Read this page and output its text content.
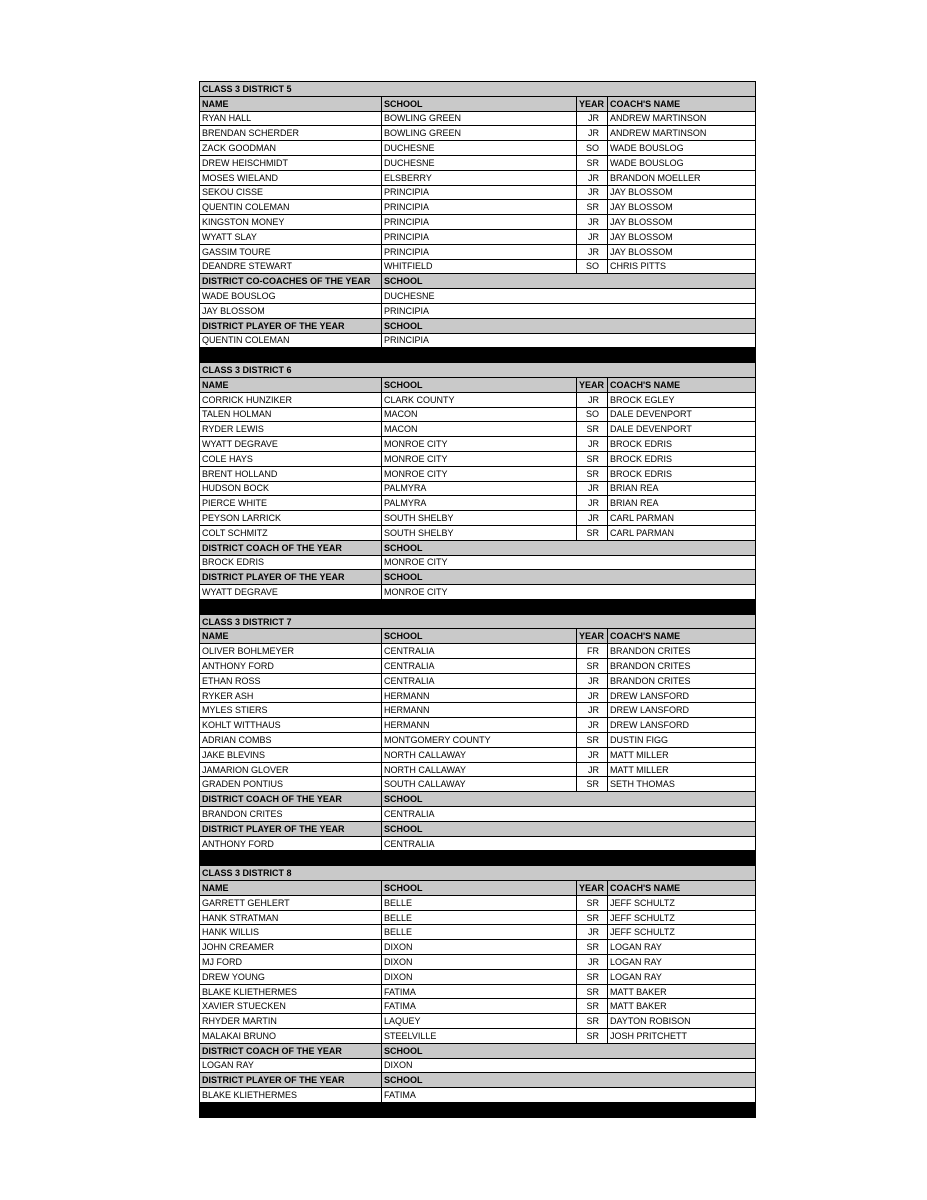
CLASS 3 DISTRICT 5			
NAME	SCHOOL	YEAR	COACH'S NAME
RYAN HALL	BOWLING GREEN	JR	ANDREW MARTINSON
BRENDAN SCHERDER	BOWLING GREEN	JR	ANDREW MARTINSON
ZACK GOODMAN	DUCHESNE	SO	WADE BOUSLOG
DREW HEISCHMIDT	DUCHESNE	SR	WADE BOUSLOG
MOSES WIELAND	ELSBERRY	JR	BRANDON MOELLER
SEKOU CISSE	PRINCIPIA	JR	JAY BLOSSOM
QUENTIN COLEMAN	PRINCIPIA	SR	JAY BLOSSOM
KINGSTON MONEY	PRINCIPIA	JR	JAY BLOSSOM
WYATT SLAY	PRINCIPIA	JR	JAY BLOSSOM
GASSIM TOURE	PRINCIPIA	JR	JAY BLOSSOM
DEANDRE STEWART	WHITFIELD	SO	CHRIS PITTS
DISTRICT CO-COACHES OF THE YEAR	SCHOOL		
WADE BOUSLOG	DUCHESNE		
JAY BLOSSOM	PRINCIPIA		
DISTRICT PLAYER OF THE YEAR	SCHOOL		
QUENTIN COLEMAN	PRINCIPIA		

CLASS 3 DISTRICT 6			
NAME	SCHOOL	YEAR	COACH'S NAME
CORRICK HUNZIKER	CLARK COUNTY	JR	BROCK EGLEY
TALEN HOLMAN	MACON	SO	DALE DEVENPORT
RYDER LEWIS	MACON	SR	DALE DEVENPORT
WYATT DEGRAVE	MONROE CITY	JR	BROCK EDRIS
COLE HAYS	MONROE CITY	SR	BROCK EDRIS
BRENT HOLLAND	MONROE CITY	SR	BROCK EDRIS
HUDSON BOCK	PALMYRA	JR	BRIAN REA
PIERCE WHITE	PALMYRA	JR	BRIAN REA
PEYSON LARRICK	SOUTH SHELBY	JR	CARL PARMAN
COLT SCHMITZ	SOUTH SHELBY	SR	CARL PARMAN
DISTRICT COACH OF THE YEAR	SCHOOL		
BROCK EDRIS	MONROE CITY		
DISTRICT PLAYER OF THE YEAR	SCHOOL		
WYATT DEGRAVE	MONROE CITY		

CLASS 3 DISTRICT 7			
NAME	SCHOOL	YEAR	COACH'S NAME
OLIVER BOHLMEYER	CENTRALIA	FR	BRANDON CRITES
ANTHONY FORD	CENTRALIA	SR	BRANDON CRITES
ETHAN ROSS	CENTRALIA	JR	BRANDON CRITES
RYKER ASH	HERMANN	JR	DREW LANSFORD
MYLES STIERS	HERMANN	JR	DREW LANSFORD
KOHLT WITTHAUS	HERMANN	JR	DREW LANSFORD
ADRIAN COMBS	MONTGOMERY COUNTY	SR	DUSTIN FIGG
JAKE BLEVINS	NORTH CALLAWAY	JR	MATT MILLER
JAMARION GLOVER	NORTH CALLAWAY	JR	MATT MILLER
GRADEN PONTIUS	SOUTH CALLAWAY	SR	SETH THOMAS
DISTRICT COACH OF THE YEAR	SCHOOL		
BRANDON CRITES	CENTRALIA		
DISTRICT PLAYER OF THE YEAR	SCHOOL		
ANTHONY FORD	CENTRALIA		

CLASS 3 DISTRICT 8			
NAME	SCHOOL	YEAR	COACH'S NAME
GARRETT GEHLERT	BELLE	SR	JEFF SCHULTZ
HANK STRATMAN	BELLE	SR	JEFF SCHULTZ
HANK WILLIS	BELLE	JR	JEFF SCHULTZ
JOHN CREAMER	DIXON	SR	LOGAN RAY
MJ FORD	DIXON	JR	LOGAN RAY
DREW YOUNG	DIXON	SR	LOGAN RAY
BLAKE KLIETHERMES	FATIMA	SR	MATT BAKER
XAVIER STUECKEN	FATIMA	SR	MATT BAKER
RHYDER MARTIN	LAQUEY	SR	DAYTON ROBISON
MALAKAI BRUNO	STEELVILLE	SR	JOSH PRITCHETT
DISTRICT COACH OF THE YEAR	SCHOOL		
LOGAN RAY	DIXON		
DISTRICT PLAYER OF THE YEAR	SCHOOL		
BLAKE KLIETHERMES	FATIMA		
